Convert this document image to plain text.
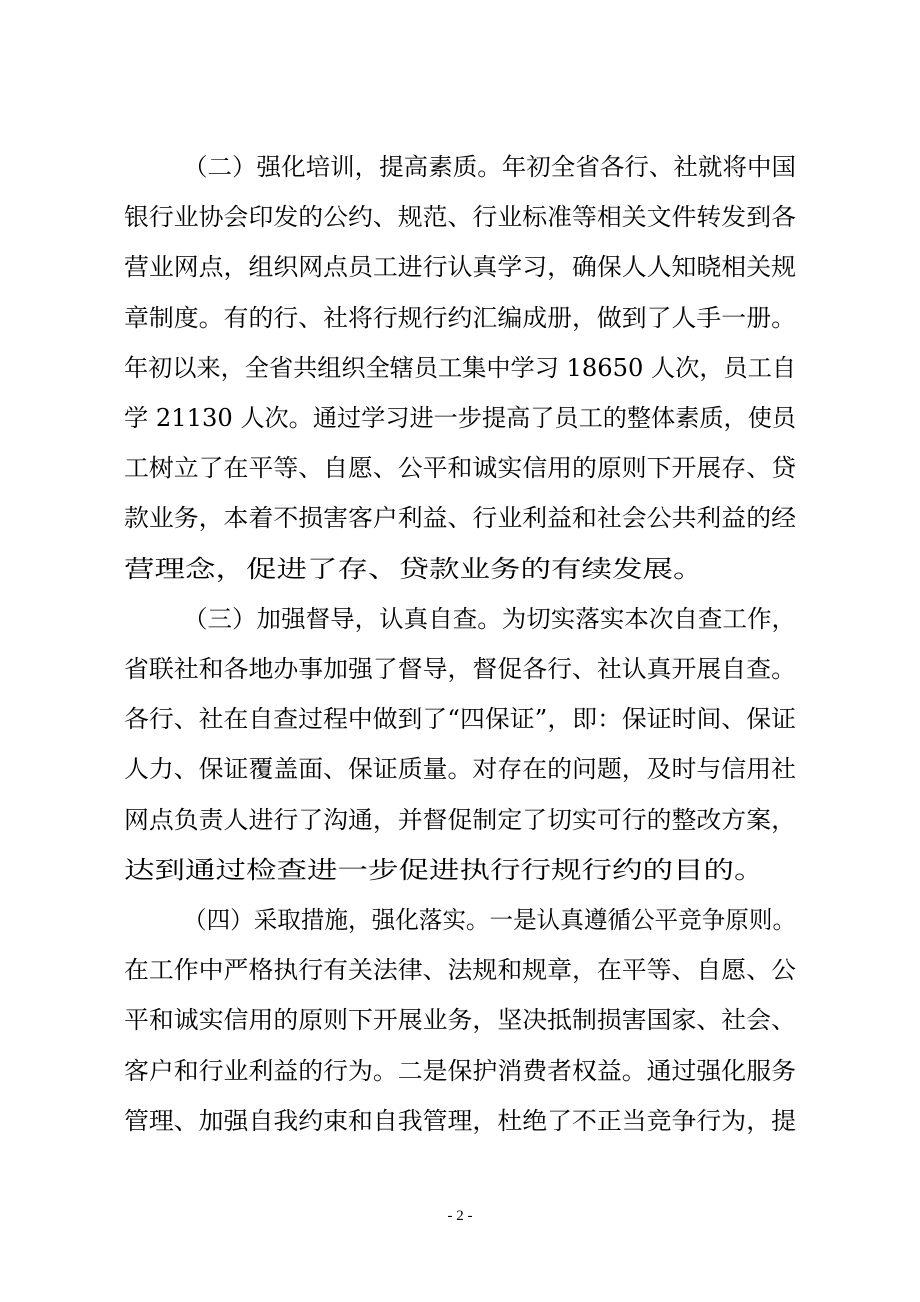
（二）强化培训，提高素质。年初全省各行、社就将中国
银行业协会印发的公约、规范、行业标准等相关文件转发到各
营业网点，组织网点员工进行认真学习，确保人人知晓相关规
章制度。有的行、社将行规行约汇编成册，做到了人手一册。
年初以来，全省共组织全辖员工集中学习 18650 人次，员工自
学 21130 人次。通过学习进一步提高了员工的整体素质，使员
工树立了在平等、自愿、公平和诚实信用的原则下开展存、贷
款业务，本着不损害客户利益、行业利益和社会公共利益的经
营理念，促进了存、贷款业务的有续发展。
（三）加强督导，认真自查。为切实落实本次自查工作，
省联社和各地办事加强了督导，督促各行、社认真开展自查。
各行、社在自查过程中做到了“四保证”，即：保证时间、保证
人力、保证覆盖面、保证质量。对存在的问题，及时与信用社
网点负责人进行了沟通，并督促制定了切实可行的整改方案，
达到通过检查进一步促进执行行规行约的目的。
（四）采取措施，强化落实。一是认真遵循公平竞争原则。
在工作中严格执行有关法律、法规和规章，在平等、自愿、公
平和诚实信用的原则下开展业务，坚决抵制损害国家、社会、
客户和行业利益的行为。二是保护消费者权益。通过强化服务
管理、加强自我约束和自我管理，杜绝了不正当竞争行为，提
- 2 -
